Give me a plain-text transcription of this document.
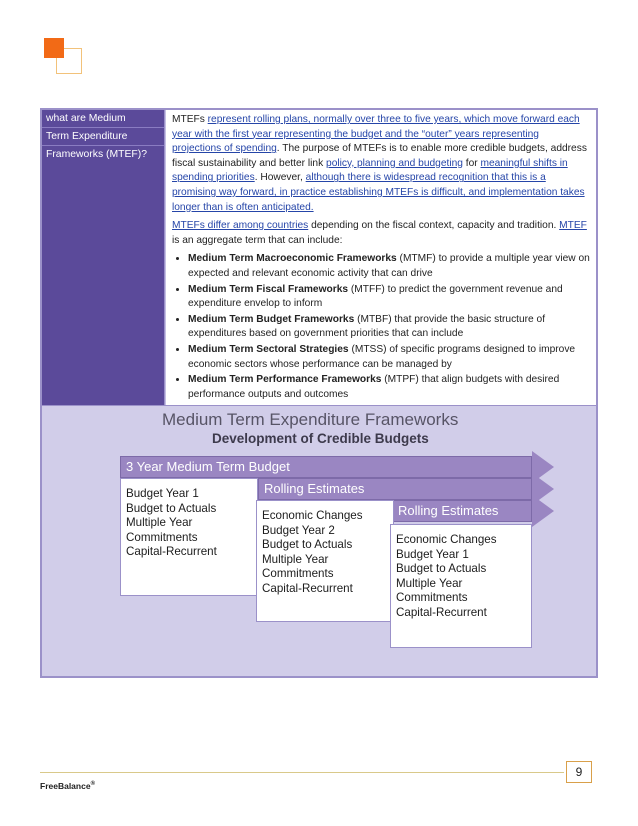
what are Medium
Term Expenditure
Frameworks (MTEF)?

MTEFs represent rolling plans, normally over three to five years, which move forward each year with the first year representing the budget and the “outer” years representing projections of spending. The purpose of MTEFs is to enable more credible budgets, address fiscal sustainability and better link policy, planning and budgeting for meaningful shifts in spending priorities. However, although there is widespread recognition that this is a promising way forward, in practice establishing MTEFs is difficult, and implementation takes longer than is often anticipated.

MTEFs differ among countries depending on the fiscal context, capacity and tradition. MTEF is an aggregate term that can include:

• Medium Term Macroeconomic Frameworks (MTMF) to provide a multiple year view on expected and relevant economic activity that can drive
• Medium Term Fiscal Frameworks (MTFF) to predict the government revenue and expenditure envelop to inform
• Medium Term Budget Frameworks (MTBF) that provide the basic structure of expenditures based on government priorities that can include
• Medium Term Sectoral Strategies (MTSS) of specific programs designed to improve economic sectors whose performance can be managed by
• Medium Term Performance Frameworks (MTPF) that align budgets with desired performance outputs and outcomes
Medium Term Expenditure Frameworks
Development of Credible Budgets
3 Year Medium Term Budget
Rolling Estimates
Rolling Estimates
Budget Year 1
Budget to Actuals
Multiple Year
Commitments
Capital-Recurrent
Economic Changes
Budget Year 2
Budget to Actuals
Multiple Year
Commitments
Capital-Recurrent
Economic Changes
Budget Year 1
Budget to Actuals
Multiple Year
Commitments
Capital-Recurrent
9
FreeBalance®
